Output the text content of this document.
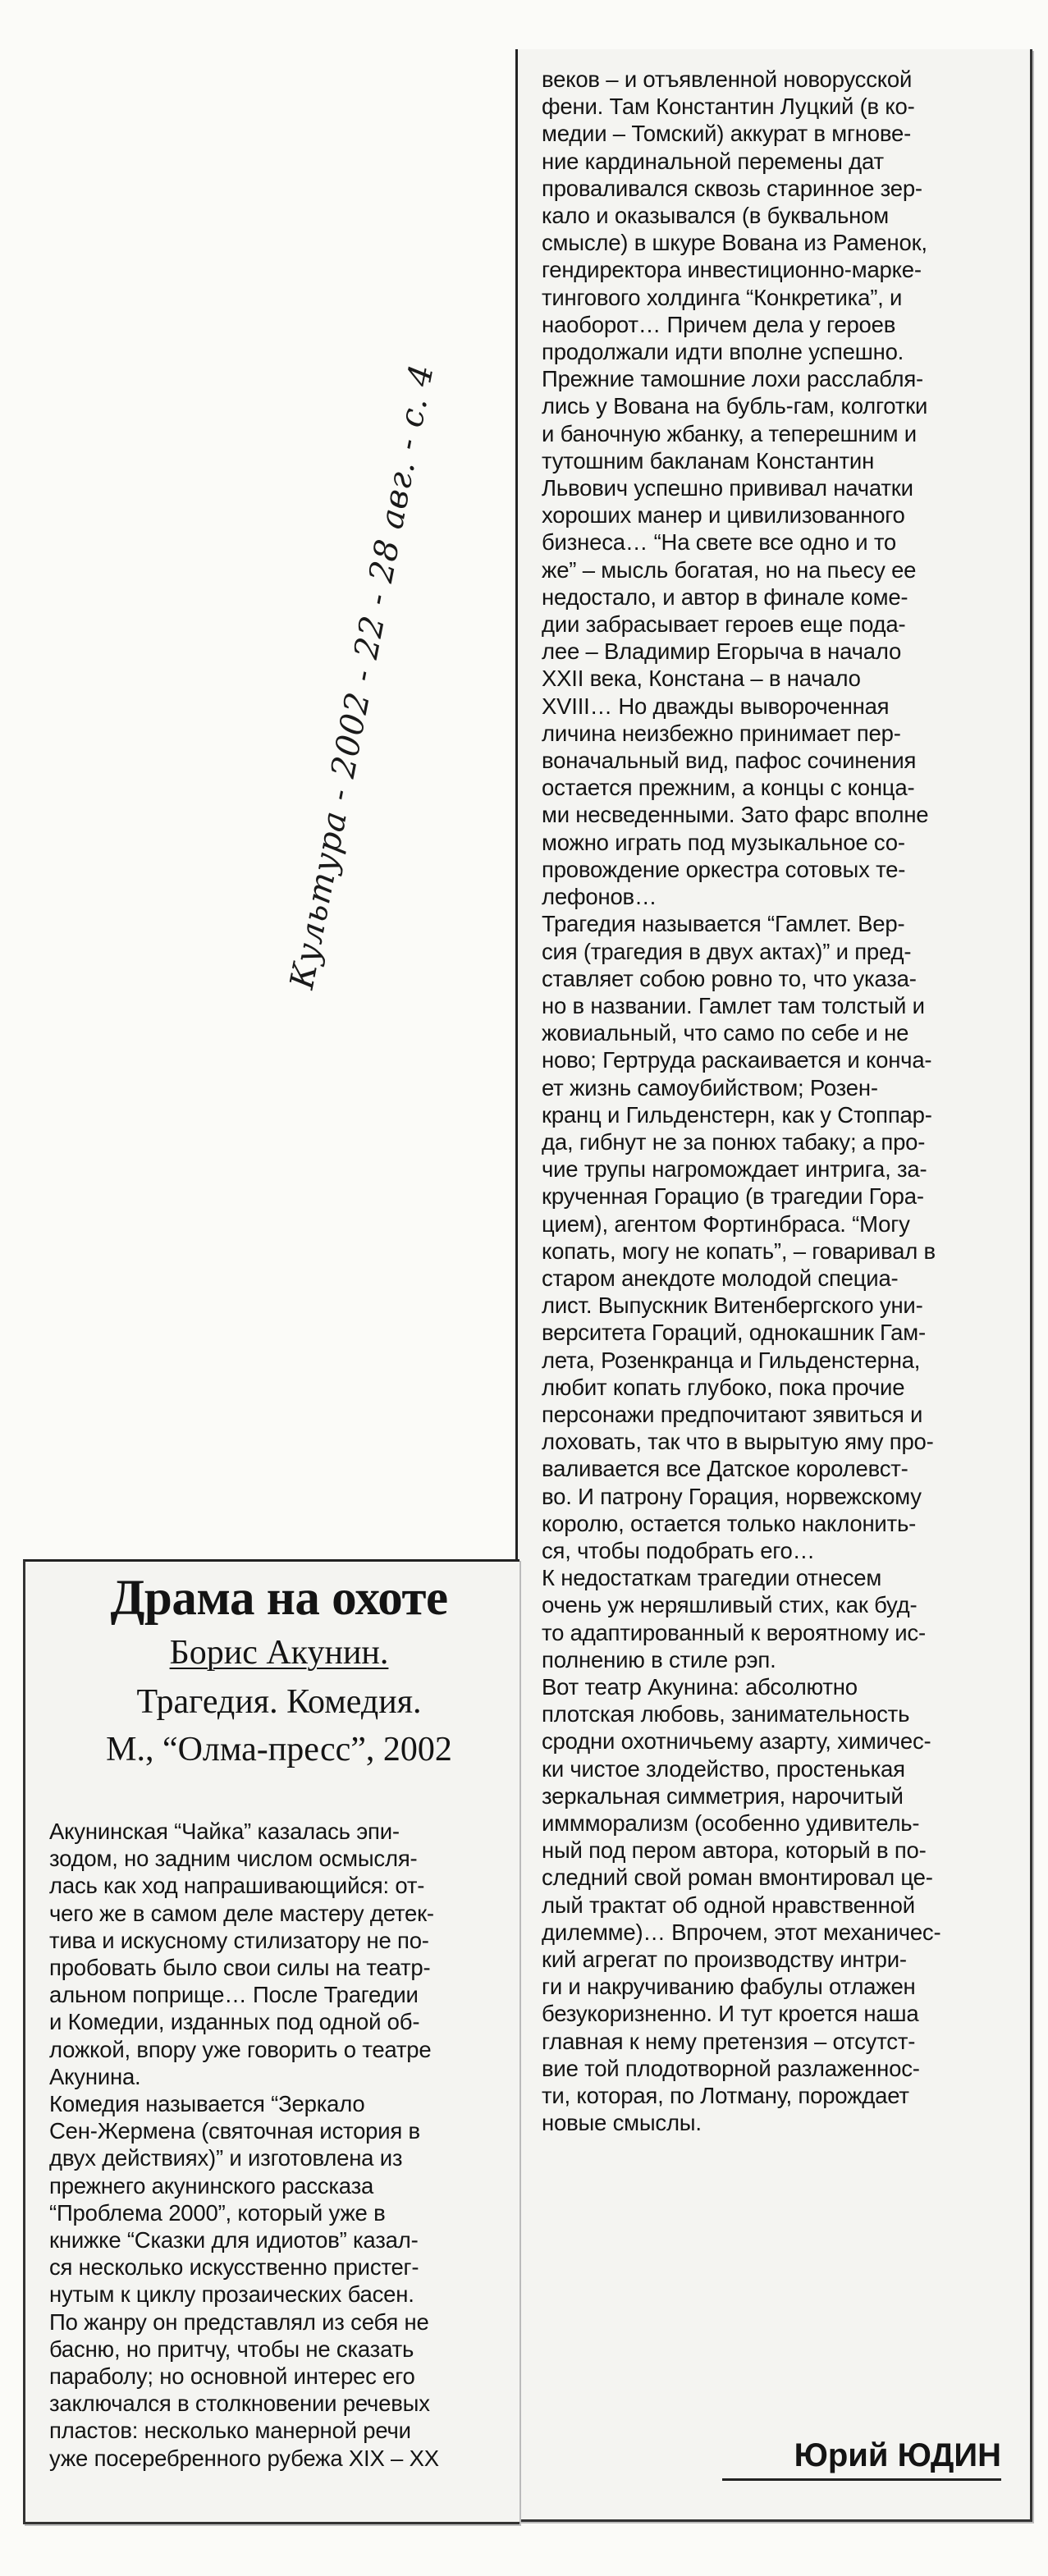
веков – и отъявленной новорусской
фени. Там Константин Луцкий (в ко-
медии – Томский) аккурат в мгнове-
ние кардинальной перемены дат
проваливался сквозь старинное зер-
кало и оказывался (в буквальном
смысле) в шкуре Вована из Раменок,
гендиректора инвестиционно-марке-
тингового холдинга “Конкретика”, и
наоборот… Причем дела у героев
продолжали идти вполне успешно.
Прежние тамошние лохи расслабля-
лись у Вована на бубль-гам, колготки
и баночную жбанку, а теперешним и
тутошним бакланам Константин
Львович успешно прививал начатки
хороших манер и цивилизованного
бизнеса… “На свете все одно и то
же” – мысль богатая, но на пьесу ее
недостало, и автор в финале коме-
дии забрасывает героев еще пода-
лее – Владимир Егорыча в начало
XXII века, Констана – в начало
XVIII… Но дважды вывороченная
личина неизбежно принимает пер-
воначальный вид, пафос сочинения
остается прежним, а концы с конца-
ми несведенными. Зато фарс вполне
можно играть под музыкальное со-
провождение оркестра сотовых те-
лефонов…

Трагедия называется “Гамлет. Вер-
сия (трагедия в двух актах)” и пред-
ставляет собою ровно то, что указа-
но в названии. Гамлет там толстый и
жовиальный, что само по себе и не
ново; Гертруда раскаивается и конча-
ет жизнь самоубийством; Розен-
кранц и Гильденстерн, как у Стоппар-
да, гибнут не за понюх табаку; а про-
чие трупы нагромождает интрига, за-
крученная Горацио (в трагедии Гора-
цием), агентом Фортинбраса. “Могу
копать, могу не копать”, – говаривал в
старом анекдоте молодой специа-
лист. Выпускник Витенбергского уни-
верситета Гораций, однокашник Гам-
лета, Розенкранца и Гильденстерна,
любит копать глубоко, пока прочие
персонажи предпочитают зявиться и
лоховать, так что в вырытую яму про-
валивается все Датское королевст-
во. И патрону Горация, норвежскому
королю, остается только наклонить-
ся, чтобы подобрать его…

К недостаткам трагедии отнесем
очень уж неряшливый стих, как буд-
то адаптированный к вероятному ис-
полнению в стиле рэп.

Вот театр Акунина: абсолютно
плотская любовь, занимательность
сродни охотничьему азарту, химичес-
ки чистое злодейство, простенькая
зеркальная симметрия, нарочитый
иммморализм (особенно удивитель-
ный под пером автора, который в по-
следний свой роман вмонтировал це-
лый трактат об одной нравственной
дилемме)… Впрочем, этот механичес-
кий агрегат по производству интри-
ги и накручиванию фабулы отлажен
безукоризненно. И тут кроется наша
главная к нему претензия – отсутст-
вие той плодотворной разлаженнос-
ти, которая, по Лотману, порождает
новые смыслы.

Драма на охоте
Борис Акунин.
Трагедия. Комедия.
М., “Олма-пресс”, 2002

Акунинская “Чайка” казалась эпи-
зодом, но задним числом осмысля-
лась как ход напрашивающийся: от-
чего же в самом деле мастеру детек-
тива и искусному стилизатору не по-
пробовать было свои силы на театр-
альном поприще… После Трагедии
и Комедии, изданных под одной об-
ложкой, впору уже говорить о театре
Акунина.

Комедия называется “Зеркало
Сен-Жермена (святочная история в
двух действиях)” и изготовлена из
прежнего акунинского рассказа
“Проблема 2000”, который уже в
книжке “Сказки для идиотов” казал-
ся несколько искусственно пристег-
нутым к циклу прозаических басен.
По жанру он представлял из себя не
басню, но притчу, чтобы не сказать
параболу; но основной интерес его
заключался в столкновении речевых
пластов: несколько манерной речи
уже посеребренного рубежа XIX – XX

Культура - 2002 - 22 - 28 авг. - с. 4
Юрий ЮДИН
